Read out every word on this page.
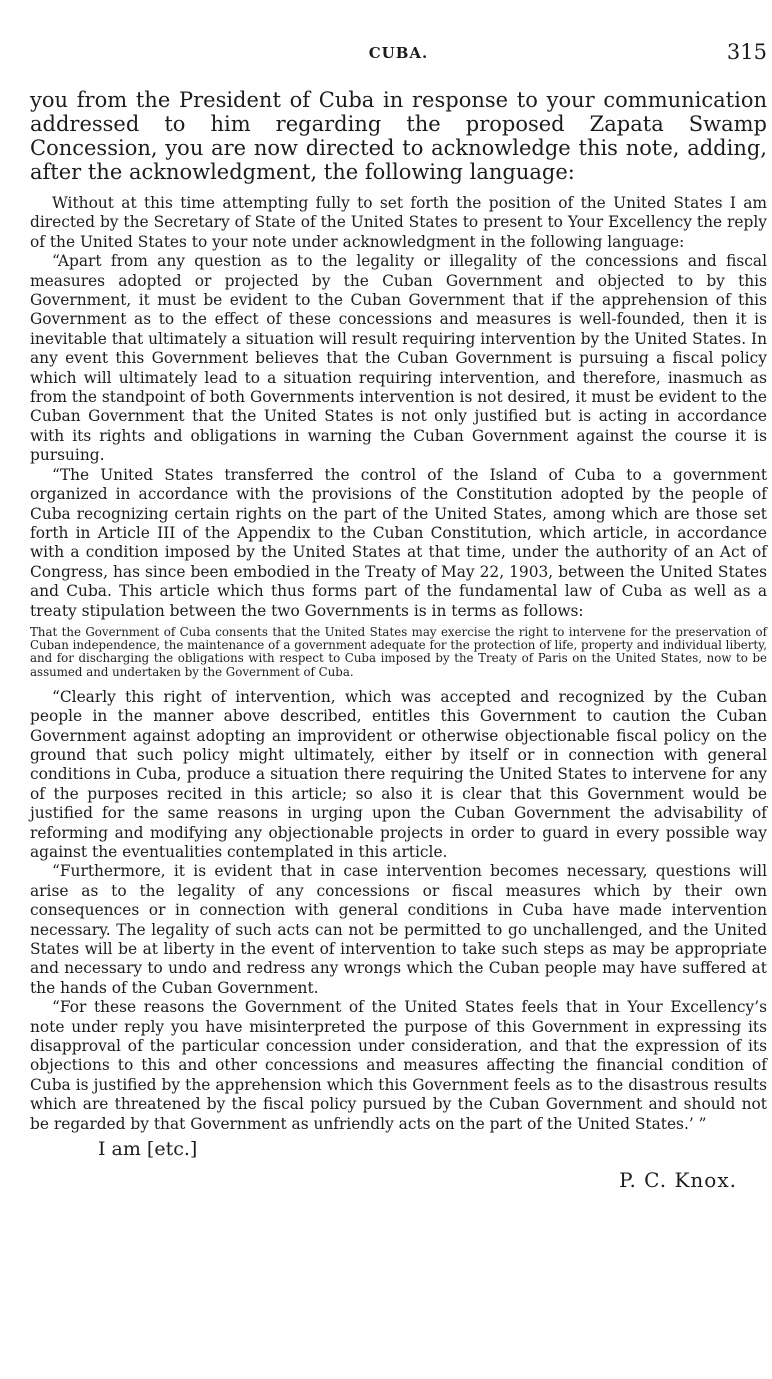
CUBA.	315
you from the President of Cuba in response to your communication addressed to him regarding the proposed Zapata Swamp Concession, you are now directed to acknowledge this note, adding, after the acknowledgment, the following language:

Without at this time attempting fully to set forth the position of the United States I am directed by the Secretary of State of the United States to present to Your Excellency the reply of the United States to your note under acknowledgment in the following language:

“Apart from any question as to the legality or illegality of the concessions and fiscal measures adopted or projected by the Cuban Government and objected to by this Government, it must be evident to the Cuban Government that if the apprehension of this Government as to the effect of these concessions and measures is well-founded, then it is inevitable that ultimately a situation will result requiring intervention by the United States. In any event this Government believes that the Cuban Government is pursuing a fiscal policy which will ultimately lead to a situation requiring intervention, and therefore, inasmuch as from the standpoint of both Governments intervention is not desired, it must be evident to the Cuban Government that the United States is not only justified but is acting in accordance with its rights and obligations in warning the Cuban Government against the course it is pursuing.

“The United States transferred the control of the Island of Cuba to a government organized in accordance with the provisions of the Constitution adopted by the people of Cuba recognizing certain rights on the part of the United States, among which are those set forth in Article III of the Appendix to the Cuban Constitution, which article, in accordance with a condition imposed by the United States at that time, under the authority of an Act of Congress, has since been embodied in the Treaty of May 22, 1903, between the United States and Cuba. This article which thus forms part of the fundamental law of Cuba as well as a treaty stipulation between the two Governments is in terms as follows:

That the Government of Cuba consents that the United States may exercise the right to intervene for the preservation of Cuban independence, the maintenance of a government adequate for the protection of life, property and individual liberty, and for discharging the obligations with respect to Cuba imposed by the Treaty of Paris on the United States, now to be assumed and undertaken by the Government of Cuba.

“Clearly this right of intervention, which was accepted and recognized by the Cuban people in the manner above described, entitles this Government to caution the Cuban Government against adopting an improvident or otherwise objectionable fiscal policy on the ground that such policy might ultimately, either by itself or in connection with general conditions in Cuba, produce a situation there requiring the United States to intervene for any of the purposes recited in this article; so also it is clear that this Government would be justified for the same reasons in urging upon the Cuban Government the advisability of reforming and modifying any objectionable projects in order to guard in every possible way against the eventualities contemplated in this article.

“Furthermore, it is evident that in case intervention becomes necessary, questions will arise as to the legality of any concessions or fiscal measures which by their own consequences or in connection with general conditions in Cuba have made intervention necessary. The legality of such acts can not be permitted to go unchallenged, and the United States will be at liberty in the event of intervention to take such steps as may be appropriate and necessary to undo and redress any wrongs which the Cuban people may have suffered at the hands of the Cuban Government.

“For these reasons the Government of the United States feels that in Your Excellency’s note under reply you have misinterpreted the purpose of this Government in expressing its disapproval of the particular concession under consideration, and that the expression of its objections to this and other concessions and measures affecting the financial condition of Cuba is justified by the apprehension which this Government feels as to the disastrous results which are threatened by the fiscal policy pursued by the Cuban Government and should not be regarded by that Government as unfriendly acts on the part of the United States.’ ”

I am [etc.]
P. C. Knox.
